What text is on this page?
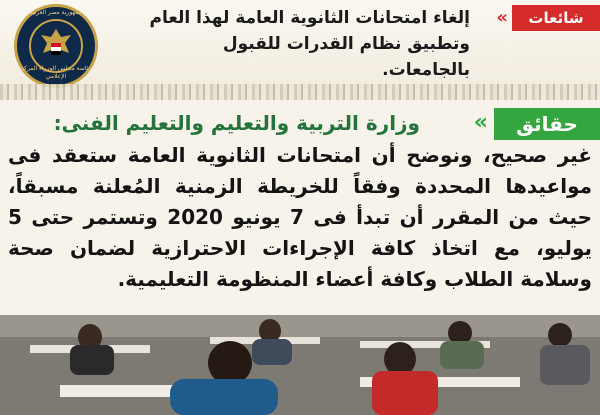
شائعات
«
إلغاء امتحانات الثانوية العامة لهذا العام وتطبيق نظام القدرات للقبول بالجامعات.
جمهورية مصر العربية
رئاسة مجلس الوزراء المركز الإعلامي
حقائق
«
وزارة التربية والتعليم والتعليم الفنى:
غير صحيح، ونوضح أن امتحانات الثانوية العامة ستعقد فى مواعيدها المحددة وفقاً للخريطة الزمنية المُعلنة مسبقاً، حيث من المقرر أن تبدأ فى 7 يونيو 2020 وتستمر حتى 5 يوليو، مع اتخاذ كافة الإجراءات الاحترازية لضمان صحة وسلامة الطلاب وكافة أعضاء المنظومة التعليمية.
